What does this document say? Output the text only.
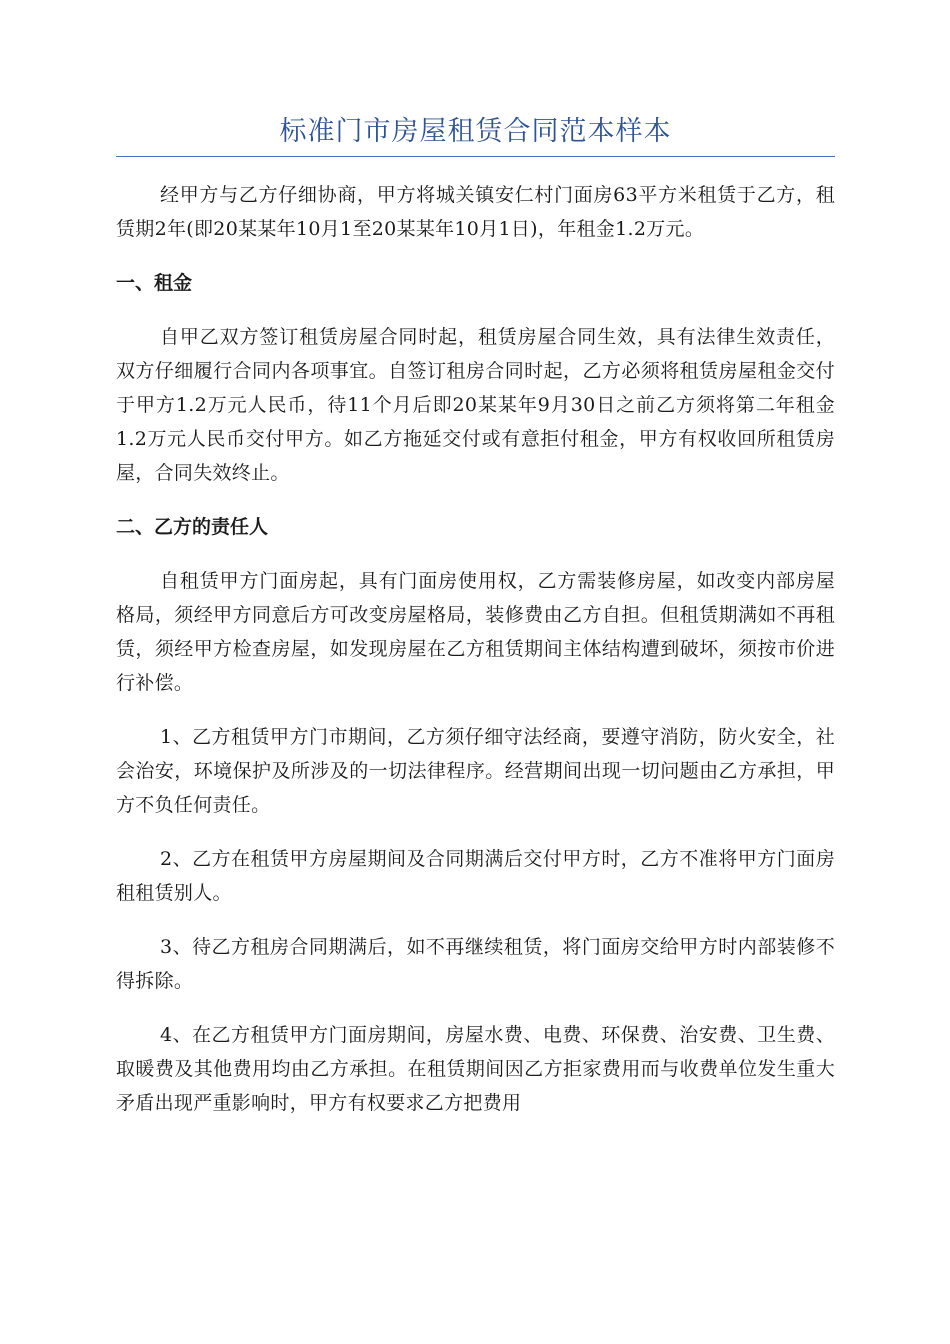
标准门市房屋租赁合同范本样本

经甲方与乙方仔细协商，甲方将城关镇安仁村门面房63平方米租赁于乙方，租赁期2年(即20某某年10月1至20某某年10月1日)，年租金1.2万元。

一、租金

自甲乙双方签订租赁房屋合同时起，租赁房屋合同生效，具有法律生效责任，双方仔细履行合同内各项事宜。自签订租房合同时起，乙方必须将租赁房屋租金交付于甲方1.2万元人民币，待11个月后即20某某年9月30日之前乙方须将第二年租金1.2万元人民币交付甲方。如乙方拖延交付或有意拒付租金，甲方有权收回所租赁房屋，合同失效终止。

二、乙方的责任人

自租赁甲方门面房起，具有门面房使用权，乙方需装修房屋，如改变内部房屋格局，须经甲方同意后方可改变房屋格局，装修费由乙方自担。但租赁期满如不再租赁，须经甲方检查房屋，如发现房屋在乙方租赁期间主体结构遭到破坏，须按市价进行补偿。

1、乙方租赁甲方门市期间，乙方须仔细守法经商，要遵守消防，防火安全，社会治安，环境保护及所涉及的一切法律程序。经营期间出现一切问题由乙方承担，甲方不负任何责任。

2、乙方在租赁甲方房屋期间及合同期满后交付甲方时，乙方不准将甲方门面房租租赁别人。

3、待乙方租房合同期满后，如不再继续租赁，将门面房交给甲方时内部装修不得拆除。

4、在乙方租赁甲方门面房期间，房屋水费、电费、环保费、治安费、卫生费、取暖费及其他费用均由乙方承担。在租赁期间因乙方拒家费用而与收费单位发生重大矛盾出现严重影响时，甲方有权要求乙方把费用
